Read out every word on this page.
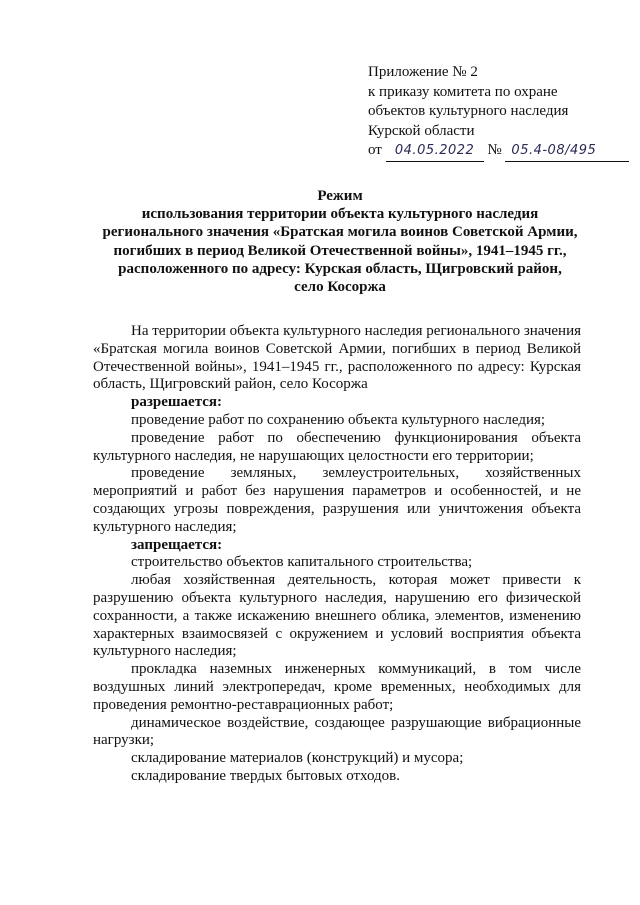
Приложение № 2
к приказу комитета по охране
объектов культурного наследия
Курской области
от 04.05.2022 № 05.4-08/495
Режим
использования территории объекта культурного наследия
регионального значения «Братская могила воинов Советской Армии,
погибших в период Великой Отечественной войны», 1941–1945 гг.,
расположенного по адресу: Курская область, Щигровский район,
село Косоржа
На территории объекта культурного наследия регионального значения «Братская могила воинов Советской Армии, погибших в период Великой Отечественной войны», 1941–1945 гг., расположенного по адресу: Курская область, Щигровский район, село Косоржа
разрешается:
проведение работ по сохранению объекта культурного наследия;
проведение работ по обеспечению функционирования объекта культурного наследия, не нарушающих целостности его территории;
проведение земляных, землеустроительных, хозяйственных мероприятий и работ без нарушения параметров и особенностей, и не создающих угрозы повреждения, разрушения или уничтожения объекта культурного наследия;
запрещается:
строительство объектов капитального строительства;
любая хозяйственная деятельность, которая может привести к разрушению объекта культурного наследия, нарушению его физической сохранности, а также искажению внешнего облика, элементов, изменению характерных взаимосвязей с окружением и условий восприятия объекта культурного наследия;
прокладка наземных инженерных коммуникаций, в том числе воздушных линий электропередач, кроме временных, необходимых для проведения ремонтно-реставрационных работ;
динамическое воздействие, создающее разрушающие вибрационные нагрузки;
складирование материалов (конструкций) и мусора;
складирование твердых бытовых отходов.
